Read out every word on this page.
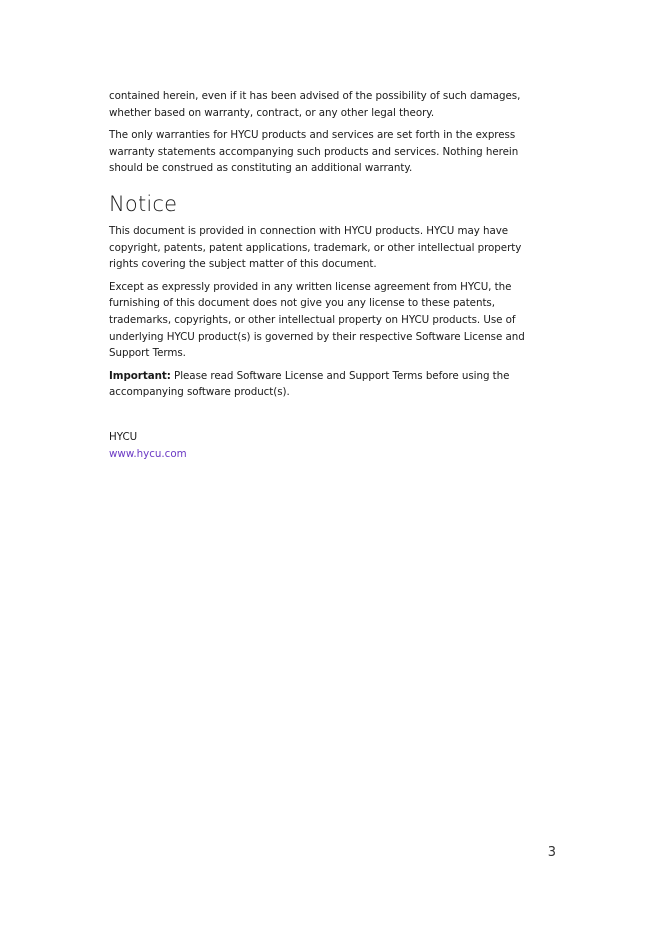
contained herein, even if it has been advised of the possibility of such damages, whether based on warranty, contract, or any other legal theory.

The only warranties for HYCU products and services are set forth in the express warranty statements accompanying such products and services. Nothing herein should be construed as constituting an additional warranty.

Notice

This document is provided in connection with HYCU products. HYCU may have copyright, patents, patent applications, trademark, or other intellectual property rights covering the subject matter of this document.

Except as expressly provided in any written license agreement from HYCU, the furnishing of this document does not give you any license to these patents, trademarks, copyrights, or other intellectual property on HYCU products. Use of underlying HYCU product(s) is governed by their respective Software License and Support Terms.

Important: Please read Software License and Support Terms before using the accompanying software product(s).

HYCU
www.hycu.com
3
